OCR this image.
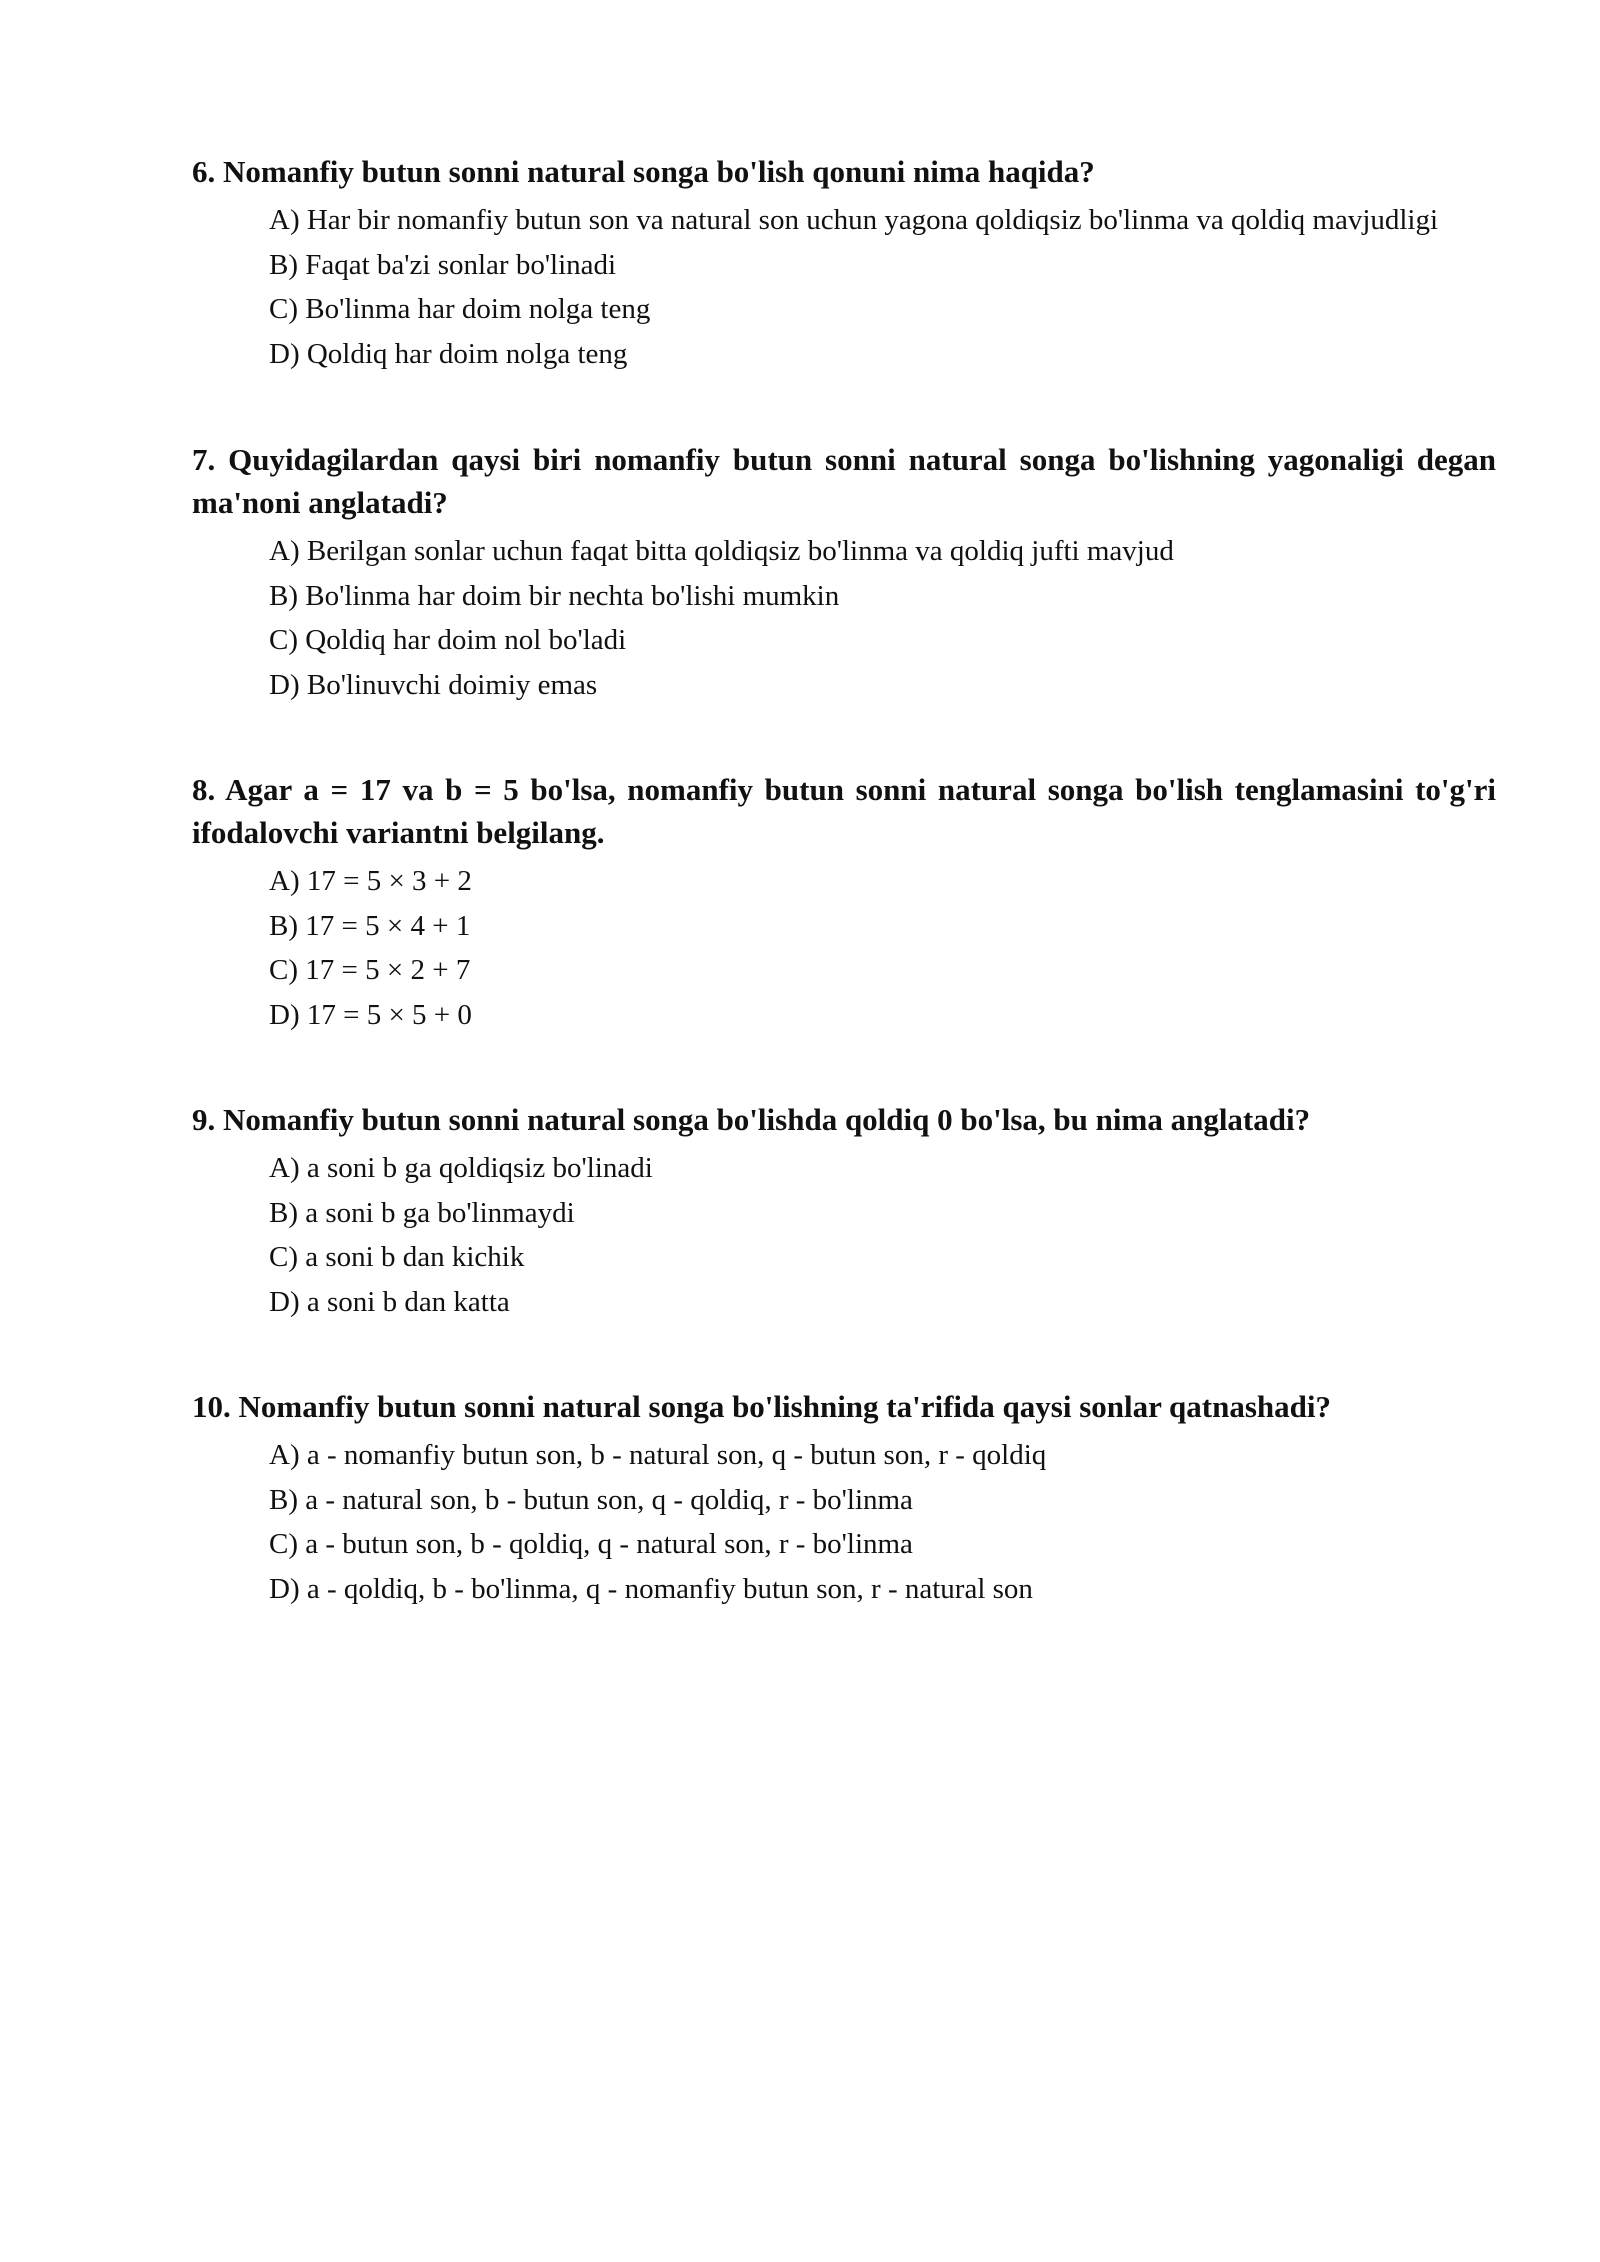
6. Nomanfiy butun sonni natural songa bo'lish qonuni nima haqida?

A) Har bir nomanfiy butun son va natural son uchun yagona qoldiqsiz bo'linma va qoldiq mavjudligi
B) Faqat ba'zi sonlar bo'linadi
C) Bo'linma har doim nolga teng
D) Qoldiq har doim nolga teng

7. Quyidagilardan qaysi biri nomanfiy butun sonni natural songa bo'lishning yagonaligi degan ma'noni anglatadi?

A) Berilgan sonlar uchun faqat bitta qoldiqsiz bo'linma va qoldiq jufti mavjud
B) Bo'linma har doim bir nechta bo'lishi mumkin
C) Qoldiq har doim nol bo'ladi
D) Bo'linuvchi doimiy emas

8. Agar a = 17 va b = 5 bo'lsa, nomanfiy butun sonni natural songa bo'lish tenglamasini to'g'ri ifodalovchi variantni belgilang.

A) 17 = 5 × 3 + 2
B) 17 = 5 × 4 + 1
C) 17 = 5 × 2 + 7
D) 17 = 5 × 5 + 0

9. Nomanfiy butun sonni natural songa bo'lishda qoldiq 0 bo'lsa, bu nima anglatadi?

A) a soni b ga qoldiqsiz bo'linadi
B) a soni b ga bo'linmaydi
C) a soni b dan kichik
D) a soni b dan katta

10. Nomanfiy butun sonni natural songa bo'lishning ta'rifida qaysi sonlar qatnashadi?

A) a - nomanfiy butun son, b - natural son, q - butun son, r - qoldiq
B) a - natural son, b - butun son, q - qoldiq, r - bo'linma
C) a - butun son, b - qoldiq, q - natural son, r - bo'linma
D) a - qoldiq, b - bo'linma, q - nomanfiy butun son, r - natural son
